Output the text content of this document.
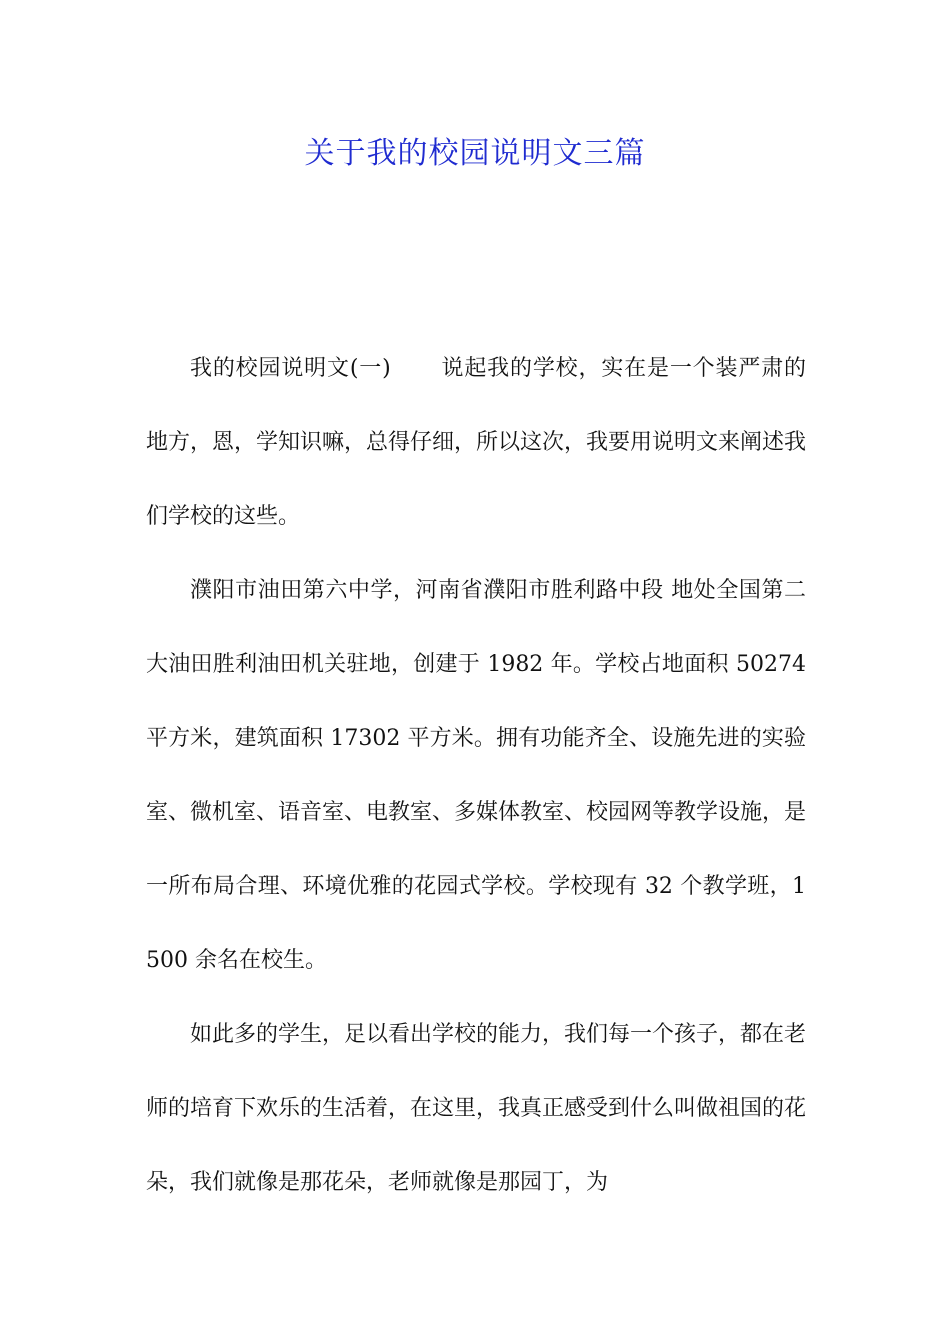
关于我的校园说明文三篇

我的校园说明文(一) 说起我的学校，实在是一个装严肃的地方，恩，学知识嘛，总得仔细，所以这次，我要用说明文来阐述我们学校的这些。

濮阳市油田第六中学，河南省濮阳市胜利路中段 地处全国第二大油田胜利油田机关驻地，创建于 1982 年。学校占地面积 50274 平方米，建筑面积 17302 平方米。拥有功能齐全、设施先进的实验室、微机室、语音室、电教室、多媒体教室、校园网等教学设施，是一所布局合理、环境优雅的花园式学校。学校现有 32 个教学班，1500 余名在校生。

如此多的学生，足以看出学校的能力，我们每一个孩子，都在老师的培育下欢乐的生活着，在这里，我真正感受到什么叫做祖国的花朵，我们就像是那花朵，老师就像是那园丁，为
